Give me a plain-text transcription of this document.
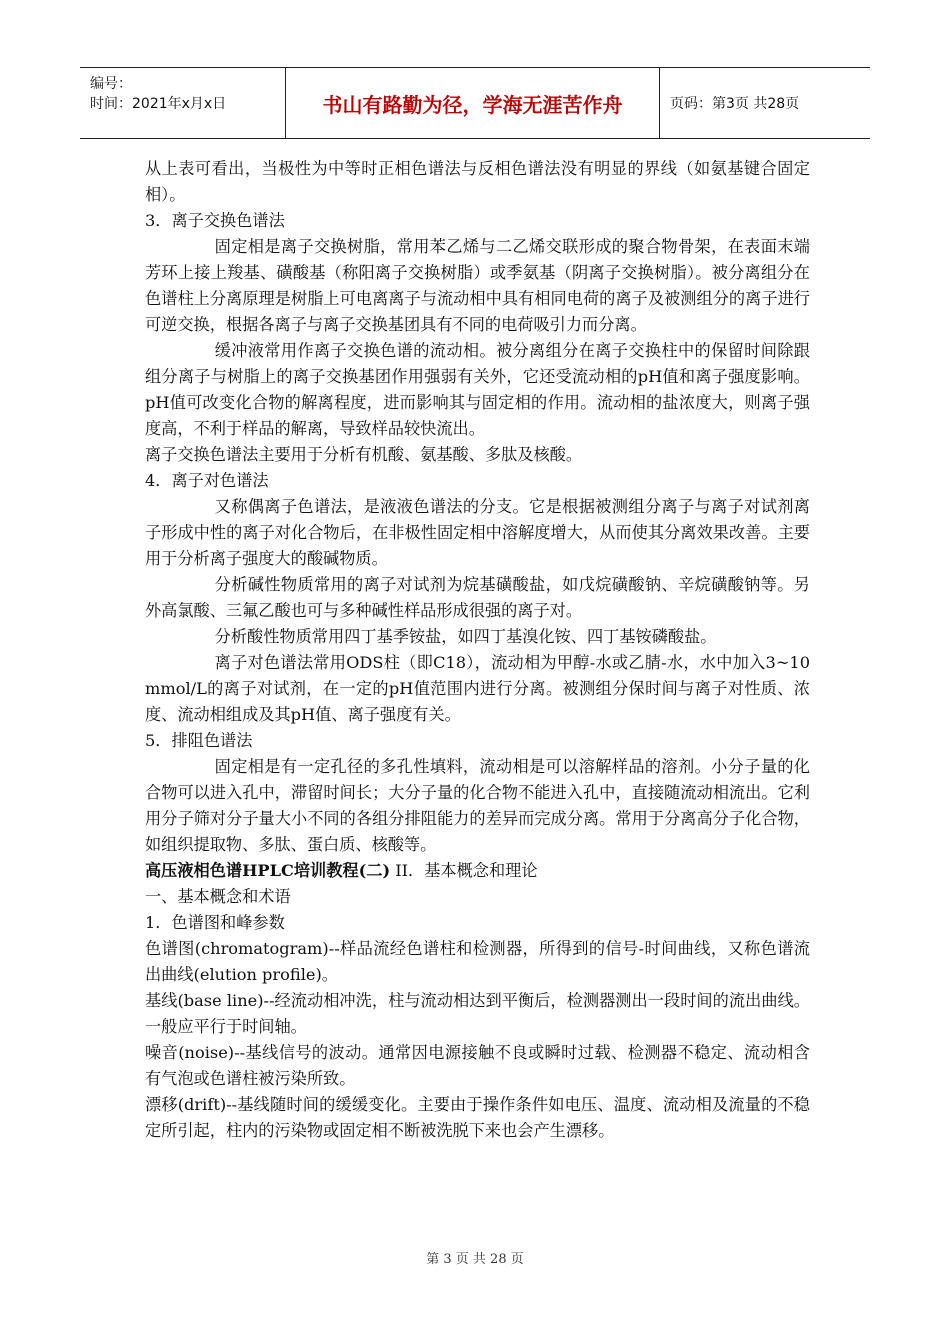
编号：
时间：2021年x月x日	书山有路勤为径，学海无涯苦作舟	页码：第3页 共28页

从上表可看出，当极性为中等时正相色谱法与反相色谱法没有明显的界线（如氨基键合固定相）。

3．离子交换色谱法

固定相是离子交换树脂，常用苯乙烯与二乙烯交联形成的聚合物骨架，在表面末端芳环上接上羧基、磺酸基（称阳离子交换树脂）或季氨基（阴离子交换树脂）。被分离组分在色谱柱上分离原理是树脂上可电离离子与流动相中具有相同电荷的离子及被测组分的离子进行可逆交换，根据各离子与离子交换基团具有不同的电荷吸引力而分离。

缓冲液常用作离子交换色谱的流动相。被分离组分在离子交换柱中的保留时间除跟组分离子与树脂上的离子交换基团作用强弱有关外，它还受流动相的pH值和离子强度影响。pH值可改变化合物的解离程度，进而影响其与固定相的作用。流动相的盐浓度大，则离子强度高，不利于样品的解离，导致样品较快流出。

离子交换色谱法主要用于分析有机酸、氨基酸、多肽及核酸。

4．离子对色谱法

又称偶离子色谱法，是液液色谱法的分支。它是根据被测组分离子与离子对试剂离子形成中性的离子对化合物后，在非极性固定相中溶解度增大，从而使其分离效果改善。主要用于分析离子强度大的酸碱物质。

分析碱性物质常用的离子对试剂为烷基磺酸盐，如戊烷磺酸钠、辛烷磺酸钠等。另外高氯酸、三氟乙酸也可与多种碱性样品形成很强的离子对。

分析酸性物质常用四丁基季铵盐，如四丁基溴化铵、四丁基铵磷酸盐。

离子对色谱法常用ODS柱（即C18），流动相为甲醇-水或乙腈-水，水中加入3~10 mmol/L的离子对试剂，在一定的pH值范围内进行分离。被测组分保时间与离子对性质、浓度、流动相组成及其pH值、离子强度有关。

5．排阻色谱法

固定相是有一定孔径的多孔性填料，流动相是可以溶解样品的溶剂。小分子量的化合物可以进入孔中，滞留时间长；大分子量的化合物不能进入孔中，直接随流动相流出。它利用分子筛对分子量大小不同的各组分排阻能力的差异而完成分离。常用于分离高分子化合物，如组织提取物、多肽、蛋白质、核酸等。

高压液相色谱HPLC培训教程(二) II．基本概念和理论

一、基本概念和术语

1．色谱图和峰参数

色谱图(chromatogram)--样品流经色谱柱和检测器，所得到的信号-时间曲线，又称色谱流出曲线(elution profile)。

基线(base line)--经流动相冲洗，柱与流动相达到平衡后，检测器测出一段时间的流出曲线。一般应平行于时间轴。

噪音(noise)--基线信号的波动。通常因电源接触不良或瞬时过载、检测器不稳定、流动相含有气泡或色谱柱被污染所致。

漂移(drift)--基线随时间的缓缓变化。主要由于操作条件如电压、温度、流动相及流量的不稳定所引起，柱内的污染物或固定相不断被洗脱下来也会产生漂移。

第 3 页 共 28 页
